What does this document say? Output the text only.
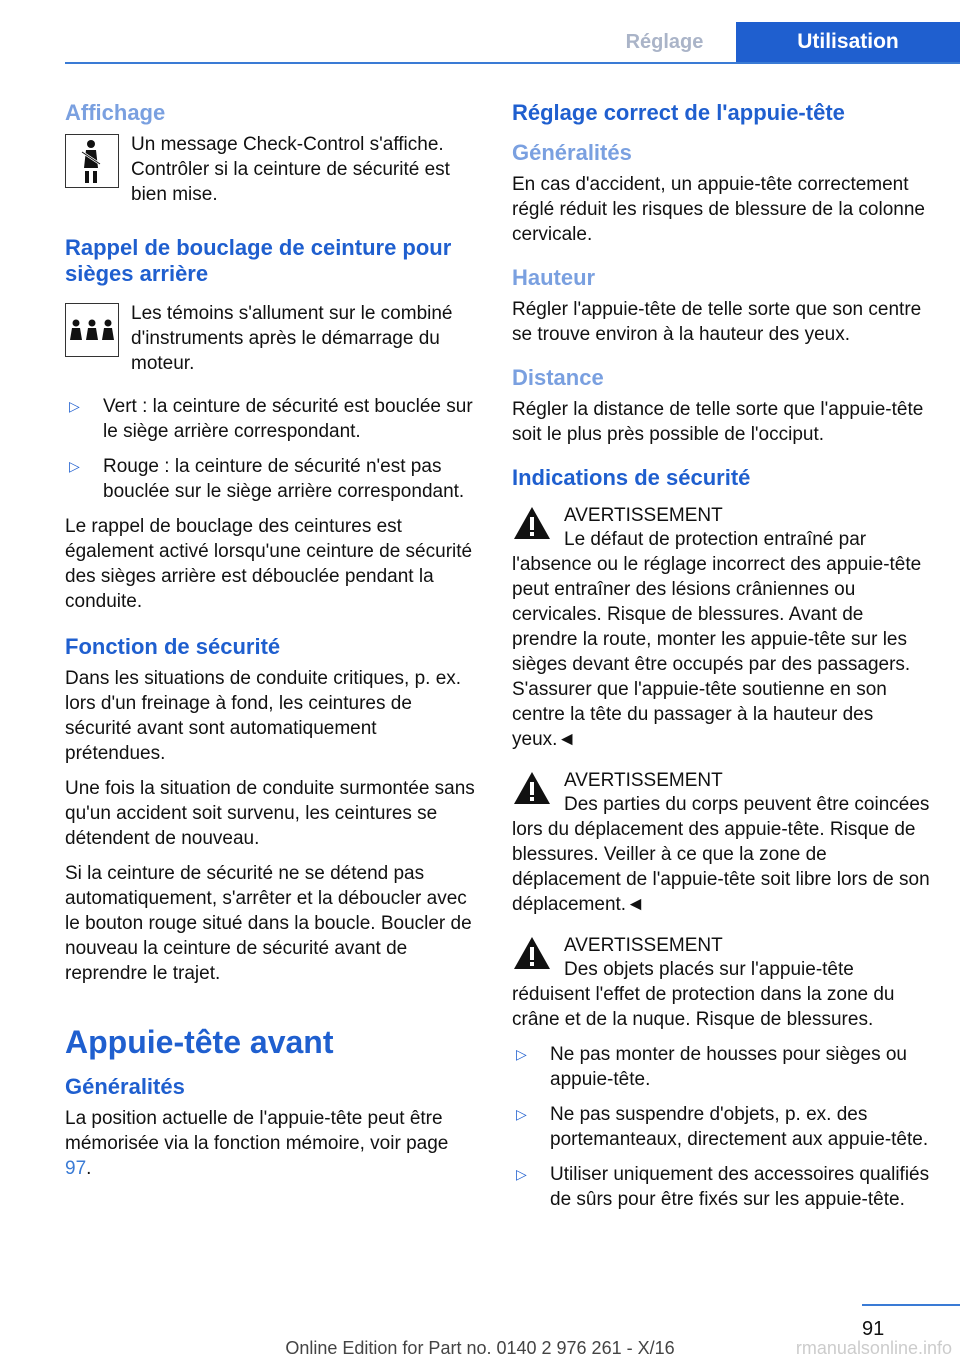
Réglage	Utilisation
Affichage
Un message Check-Control s'affiche. Contrôler si la ceinture de sécurité est bien mise.
Rappel de bouclage de ceinture pour sièges arrière
Les témoins s'allument sur le combiné d'instruments après le démarrage du moteur.
▷	Vert : la ceinture de sécurité est bouclée sur le siège arrière correspondant.
▷	Rouge : la ceinture de sécurité n'est pas bouclée sur le siège arrière correspondant.

Le rappel de bouclage des ceintures est également activé lorsqu'une ceinture de sécurité des sièges arrière est débouclée pendant la conduite.

Fonction de sécurité

Dans les situations de conduite critiques, p. ex. lors d'un freinage à fond, les ceintures de sécurité avant sont automatiquement prétendues.

Une fois la situation de conduite surmontée sans qu'un accident soit survenu, les ceintures se détendent de nouveau.

Si la ceinture de sécurité ne se détend pas automatiquement, s'arrêter et la déboucler avec le bouton rouge situé dans la boucle. Boucler de nouveau la ceinture de sécurité avant de reprendre le trajet.

Appuie-tête avant
Généralités

La position actuelle de l'appuie-tête peut être mémorisée via la fonction mémoire, voir page 97.

Réglage correct de l'appuie-tête
Généralités

En cas d'accident, un appuie-tête correctement réglé réduit les risques de blessure de la colonne cervicale.

Hauteur

Régler l'appuie-tête de telle sorte que son centre se trouve environ à la hauteur des yeux.

Distance

Régler la distance de telle sorte que l'appuie-tête soit le plus près possible de l'occiput.

Indications de sécurité
AVERTISSEMENT

Le défaut de protection entraîné par l'absence ou le réglage incorrect des appuie-tête peut entraîner des lésions crâniennes ou cervicales. Risque de blessures. Avant de prendre la route, monter les appuie-tête sur les sièges devant être occupés par des passagers. S'assurer que l'appuie-tête soutienne en son centre la tête du passager à la hauteur des yeux.◄

AVERTISSEMENT

Des parties du corps peuvent être coincées lors du déplacement des appuie-tête. Risque de blessures. Veiller à ce que la zone de déplacement de l'appuie-tête soit libre lors de son déplacement.◄

AVERTISSEMENT

Des objets placés sur l'appuie-tête réduisent l'effet de protection dans la zone du crâne et de la nuque. Risque de blessures.

▷	Ne pas monter de housses pour sièges ou appuie-tête.
▷	Ne pas suspendre d'objets, p. ex. des portemanteaux, directement aux appuie-tête.
▷	Utiliser uniquement des accessoires qualifiés de sûrs pour être fixés sur les appuie-tête.
91
Online Edition for Part no. 0140 2 976 261 - X/16	rmanualsonline.info
